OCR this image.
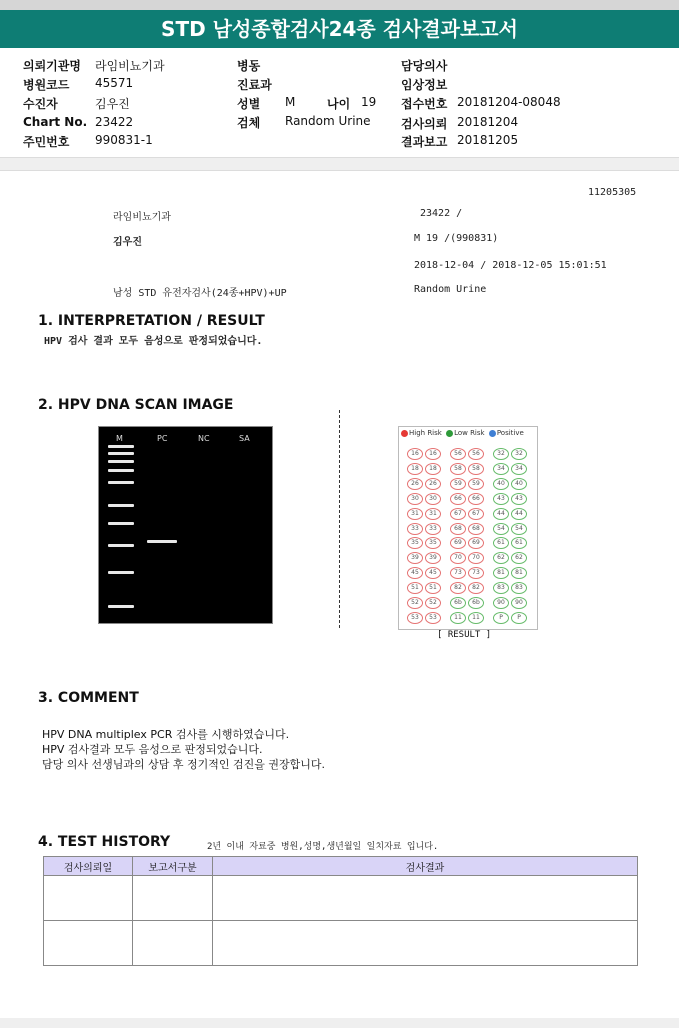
STD 남성종합검사24종 검사결과보고서
의뢰기관명 라임비뇨기과
병원코드 45571
수진자	김우진
Chart No. 23422
주민번호 990831-1
병동
진료과
성별 M	나이 19
검체 Random Urine
담당의사
임상정보
접수번호 20181204-08048
검사의뢰 20181204
결과보고 20181205
11205305
라임비뇨기과	23422 /
김우진	M 19 /(990831)
2018-12-04 / 2018-12-05 15:01:51
남성 STD 유전자검사(24종+HPV)+UP	Random Urine
1. INTERPRETATION / RESULT
HPV 검사 결과 모두 음성으로 판정되었습니다.
2. HPV DNA SCAN IMAGE
M	PC	NC	SA
High Risk Low Risk Positive
16	16	56	56	32	32
18	18	58	58	34	34
26	26	59	59	40	40
30	30	66	66	43	43
31	31	67	67	44	44
33	33	68	68	54	54
35	35	69	69	61	61
39	39	70	70	62	62
45	45	73	73	81	81
51	51	82	82	83	83
52	52	6b	6b	90	90
53	53	11	11	P	P
[ RESULT ]
3. COMMENT
HPV DNA multiplex PCR 검사를 시행하였습니다.
HPV 검사결과 모두 음성으로 판정되었습니다.
담당 의사 선생님과의 상담 후 정기적인 검진을 권장합니다.
4. TEST HISTORY	2년 이내 자료중 병원,성명,생년월일 일치자료 입니다.
검사의뢰일	보고서구분	검사결과
